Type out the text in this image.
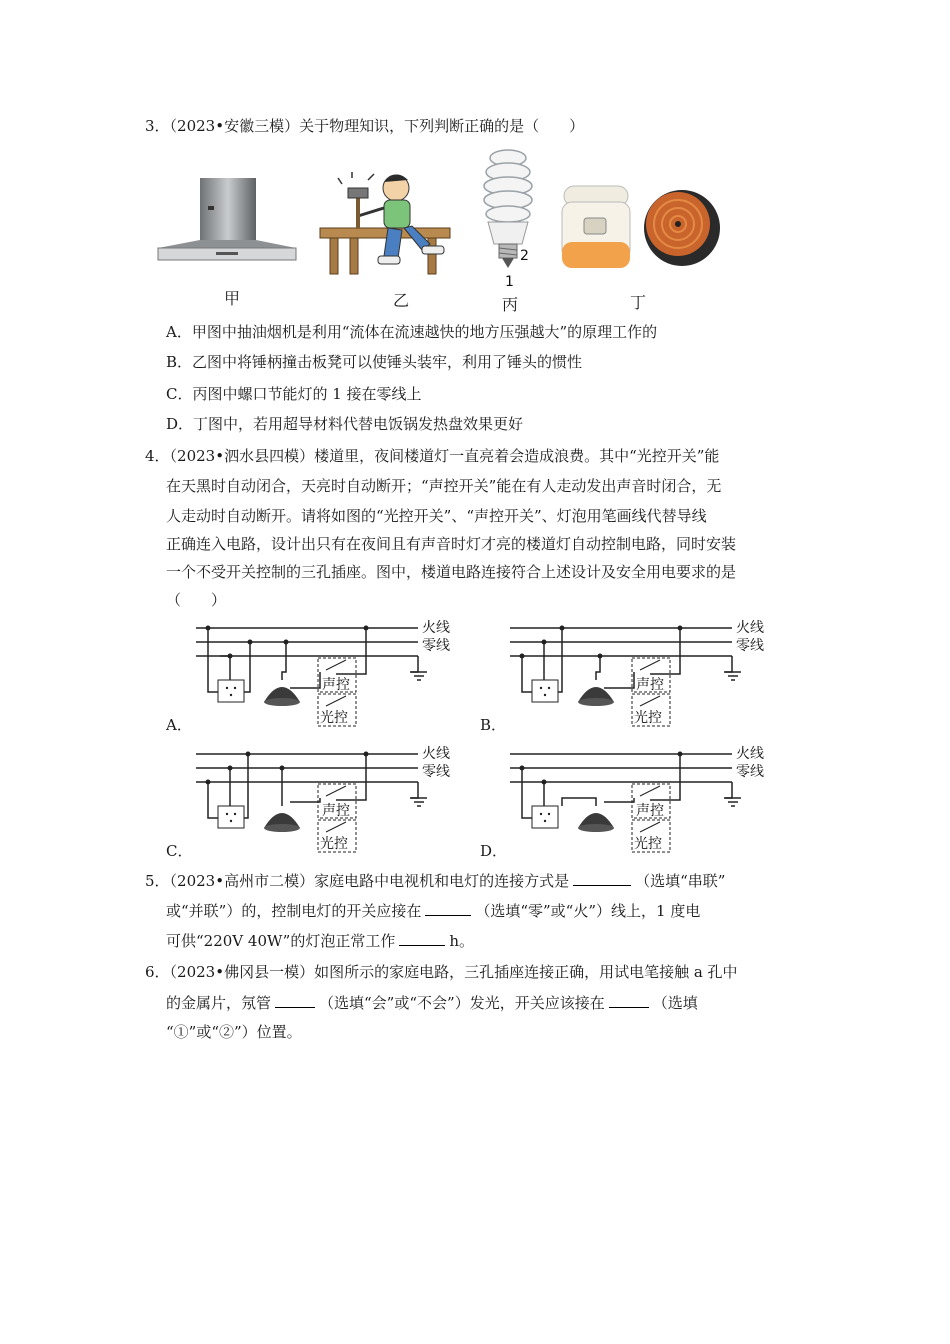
3．（2023•安徽三模）关于物理知识，下列判断正确的是（　　）
甲	乙
2
1
丙	丁
A．甲图中抽油烟机是利用“流体在流速越快的地方压强越大”的原理工作的
B．乙图中将锤柄撞击板凳可以使锤头装牢，利用了锤头的惯性
C．丙图中螺口节能灯的 1 接在零线上
D．丁图中，若用超导材料代替电饭锅发热盘效果更好
4．（2023•泗水县四模）楼道里，夜间楼道灯一直亮着会造成浪费。其中“光控开关”能
在天黑时自动闭合，天亮时自动断开；“声控开关”能在有人走动发出声音时闭合，无
人走动时自动断开。请将如图的“光控开关”、“声控开关”、灯泡用笔画线代替导线
正确连入电路，设计出只有在夜间且有声音时灯才亮的楼道灯自动控制电路，同时安装
一个不受开关控制的三孔插座。图中，楼道电路连接符合上述设计及安全用电要求的是
（　　）
声控
光控
火线
零线
A．
声控
光控
火线
零线
B．
声控
光控
火线
零线
C．
声控
光控
火线
零线
D．
5．（2023•高州市二模）家庭电路中电视机和电灯的连接方式是	（选填“串联”
或“并联”）的，控制电灯的开关应接在	（选填“零”或“火”）线上，1 度电
可供“220V 40W”的灯泡正常工作	h。
6．（2023•佛冈县一模）如图所示的家庭电路，三孔插座连接正确，用试电笔接触 a 孔中
的金属片，氖管	（选填“会”或“不会”）发光，开关应该接在	（选填
“①”或“②”）位置。
